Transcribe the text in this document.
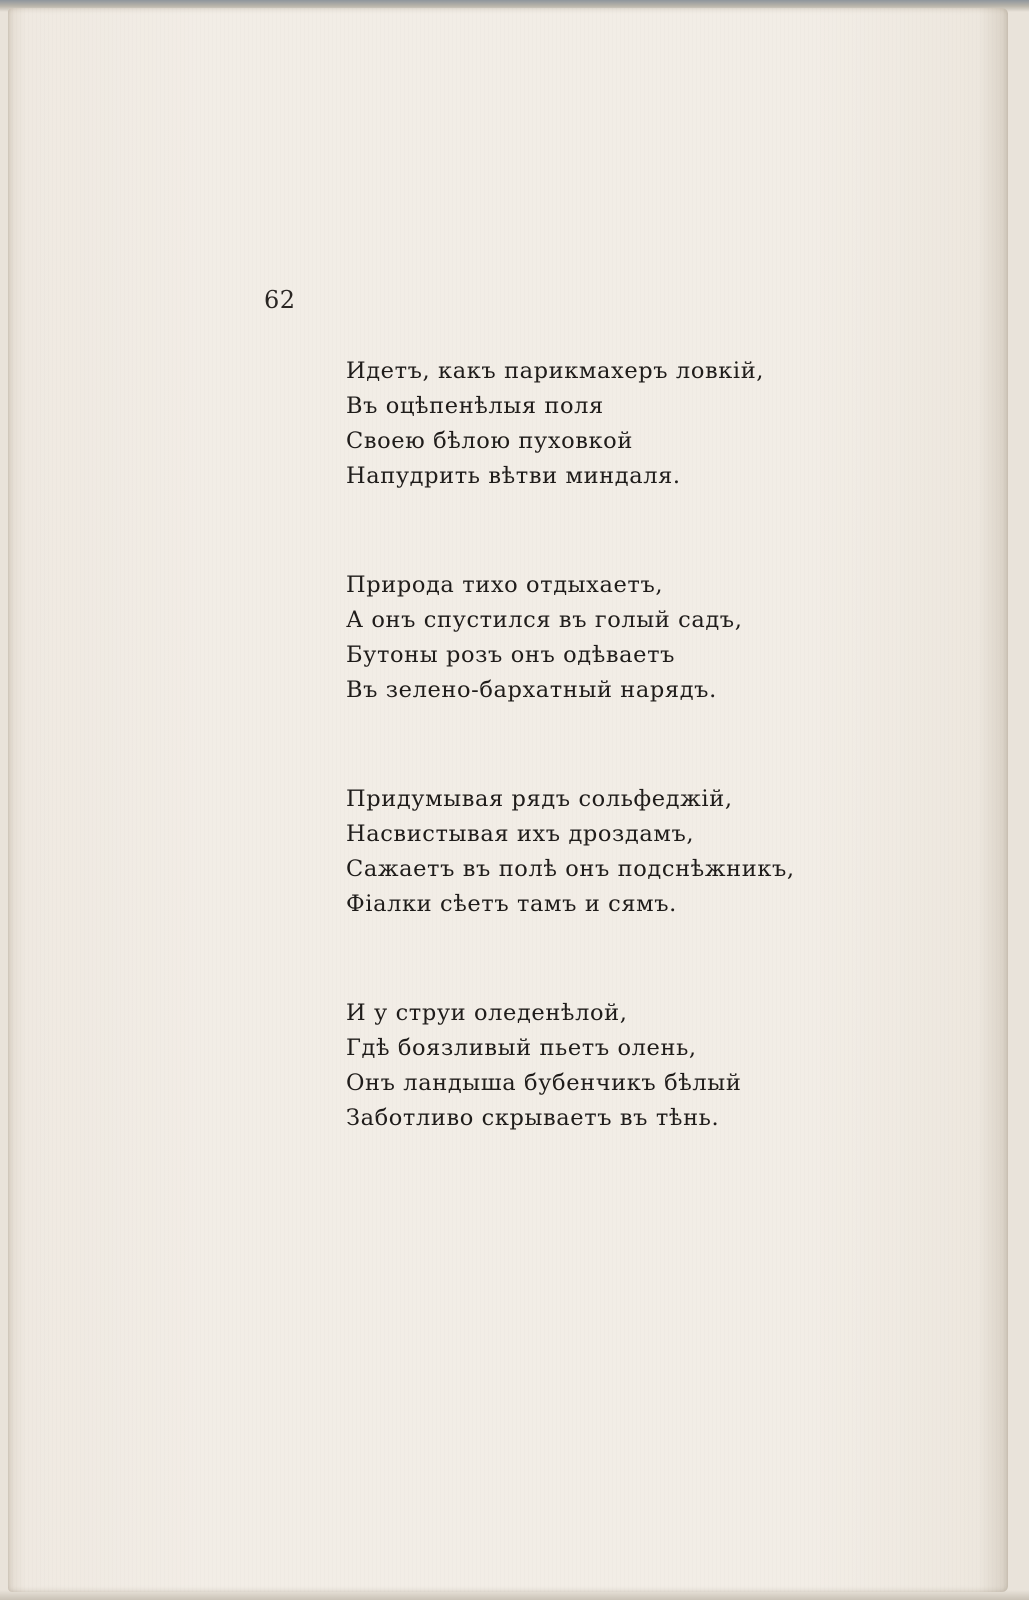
62
Идетъ, какъ парикмахеръ ловкій,
Въ оцѣпенѣлыя поля
Своею бѣлою пуховкой
Напудрить вѣтви миндаля.
Природа тихо отдыхаетъ,
А онъ спустился въ голый садъ,
Бутоны розъ онъ одѣваетъ
Въ зелено-бархатный нарядъ.
Придумывая рядъ сольфеджій,
Насвистывая ихъ дроздамъ,
Сажаетъ въ полѣ онъ подснѣжникъ,
Фіалки сѣетъ тамъ и сямъ.
И у струи оледенѣлой,
Гдѣ боязливый пьетъ олень,
Онъ ландыша бубенчикъ бѣлый
Заботливо скрываетъ въ тѣнь.
